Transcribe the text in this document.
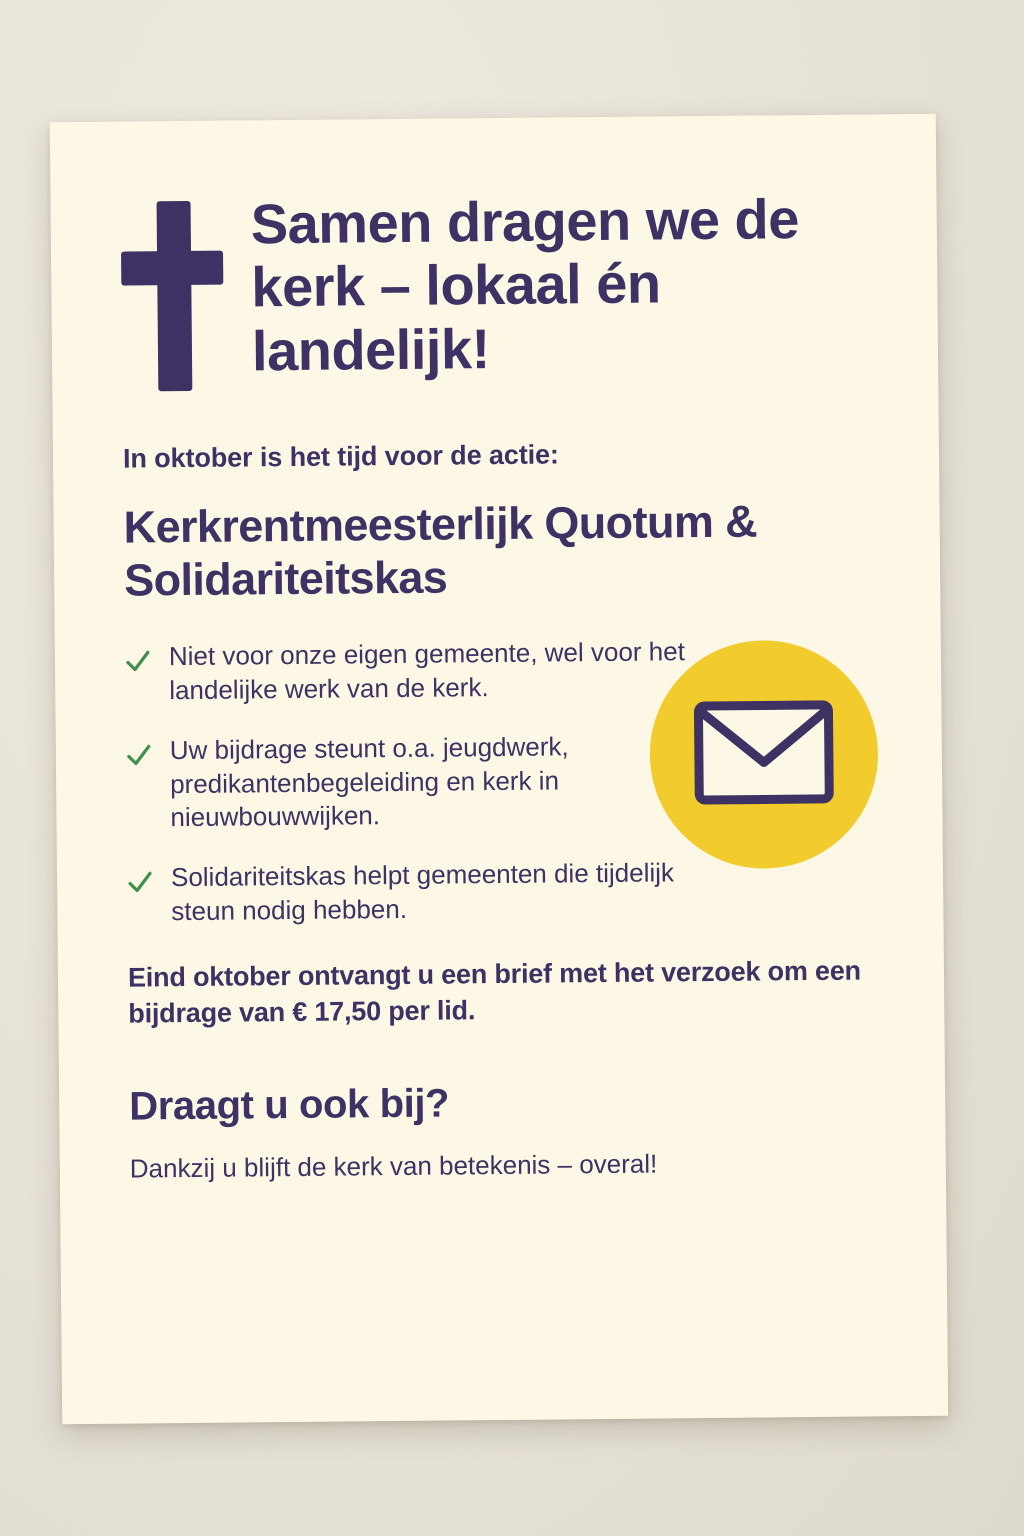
Samen dragen we de kerk – lokaal én landelijk!
In oktober is het tijd voor de actie:
Kerkrentmeesterlijk Quotum & Solidariteitskas
Niet voor onze eigen gemeente, wel voor het landelijke werk van de kerk.
Uw bijdrage steunt o.a. jeugdwerk, predikantenbegeleiding en kerk in nieuwbouwwijken.
Solidariteitskas helpt gemeenten die tijdelijk steun nodig hebben.
Eind oktober ontvangt u een brief met het verzoek om een bijdrage van € 17,50 per lid.
Draagt u ook bij?
Dankzij u blijft de kerk van betekenis – overal!
